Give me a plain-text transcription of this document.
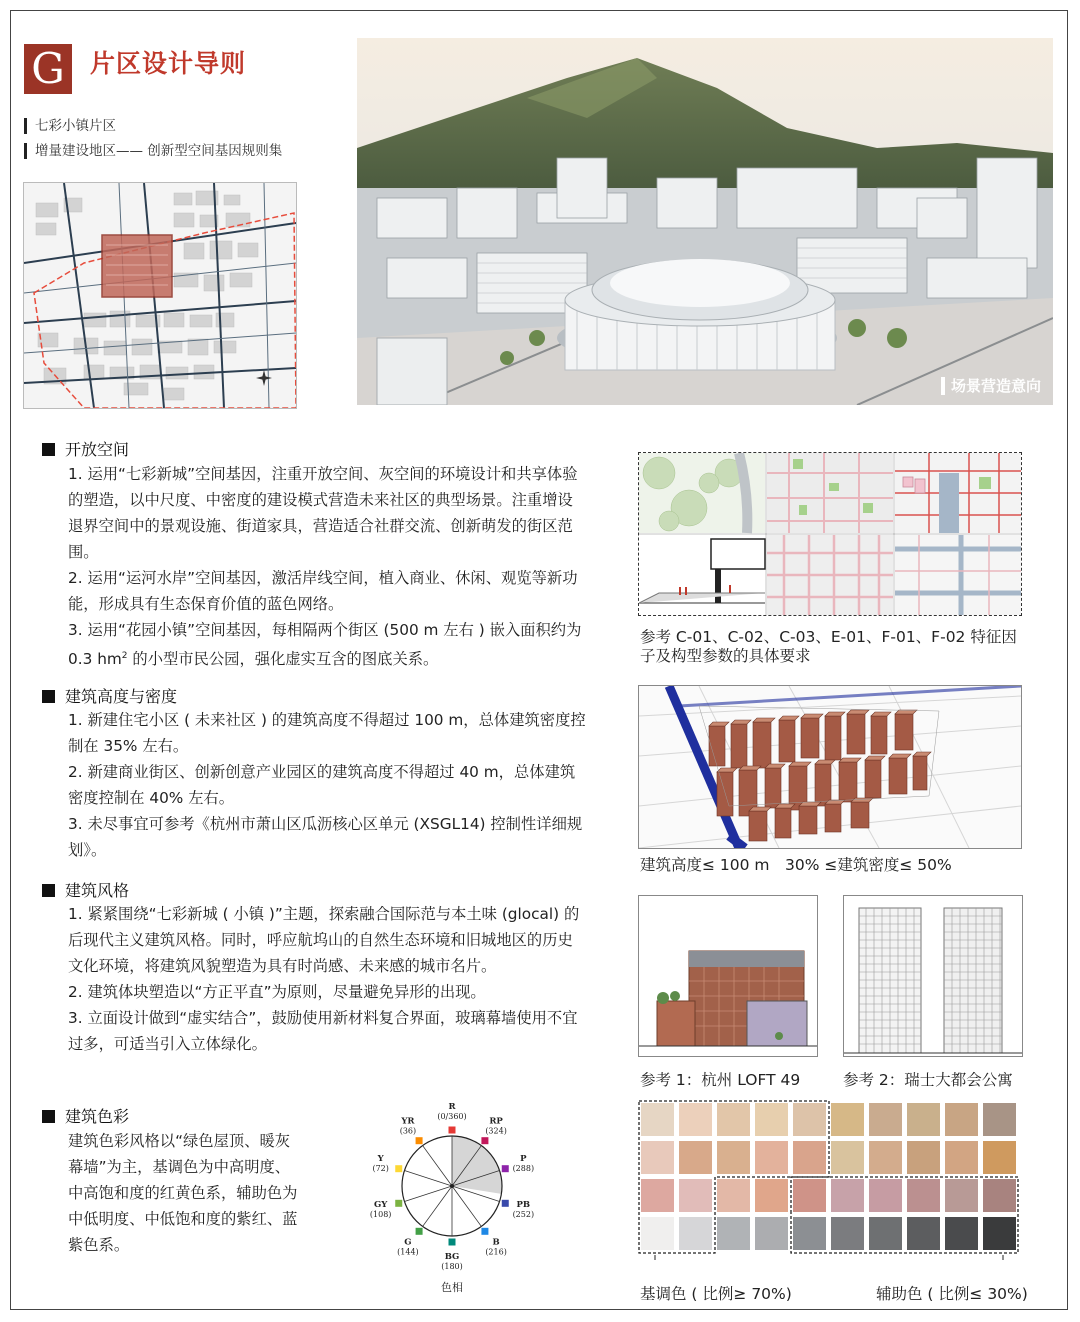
G 片区设计导则
七彩小镇片区
增量建设地区—— 创新型空间基因规则集
场景营造意向
开放空间

1. 运用“七彩新城”空间基因，注重开放空间、灰空间的环境设计和共享体验的塑造，以中尺度、中密度的建设模式营造未来社区的典型场景。注重增设退界空间中的景观设施、街道家具，营造适合社群交流、创新萌发的街区范围。

2. 运用“运河水岸”空间基因，激活岸线空间，植入商业、休闲、观览等新功能，形成具有生态保育价值的蓝色网络。

3. 运用“花园小镇”空间基因，每相隔两个街区 (500 m 左右 ) 嵌入面积约为 0.3 $hm^2$ 的小型市民公园，强化虚实互含的图底关系。

建筑高度与密度

1. 新建住宅小区 ( 未来社区 ) 的建筑高度不得超过 100 m，总体建筑密度控制在 35% 左右。

2. 新建商业街区、创新创意产业园区的建筑高度不得超过 40 m，总体建筑密度控制在 40% 左右。

3. 未尽事宜可参考《杭州市萧山区瓜沥核心区单元 (XSGL14) 控制性详细规划》。

建筑风格

1. 紧紧围绕“七彩新城 ( 小镇 )”主题，探索融合国际范与本土味 (glocal) 的后现代主义建筑风格。同时，呼应航坞山的自然生态环境和旧城地区的历史文化环境，将建筑风貌塑造为具有时尚感、未来感的城市名片。

2. 建筑体块塑造以“方正平直”为原则，尽量避免异形的出现。

3. 立面设计做到“虚实结合”，鼓励使用新材料复合界面，玻璃幕墙使用不宜过多，可适当引入立体绿化。

建筑色彩

建筑色彩风格以“绿色屋顶、暖灰幕墙”为主，基调色为中高明度、中高饱和度的红黄色系，辅助色为中低明度、中低饱和度的紫红、蓝紫色系。

R
(0/360)	RP
(324)
P
(288)
PB
(252)
B
(216)
BG
(180)
G
(144)
GY
(108)
Y
(72)
YR
(36)
色相
参考 C-01、C-02、C-03、E-01、F-01、F-02 特征因子及构型参数的具体要求
建筑高度≤ 100 m　30% ≤建筑密度≤ 50%
参考 1：杭州 LOFT 49	参考 2：瑞士大都会公寓
基调色 ( 比例≥ 70%)	辅助色 ( 比例≤ 30%)
